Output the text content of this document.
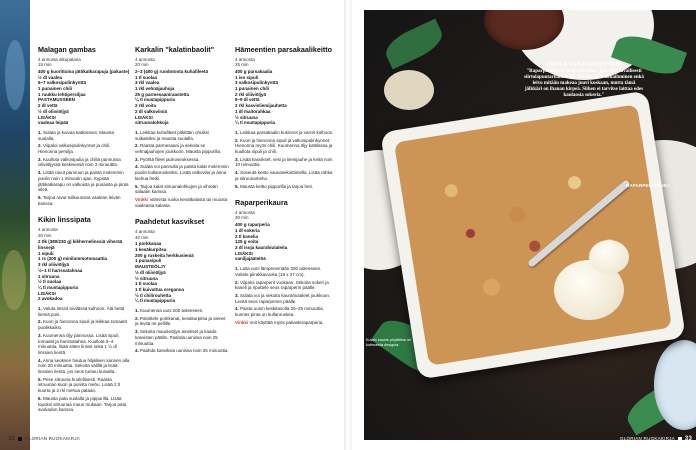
Malagan gambas
4 annosta alkupalana
15 min
400 g kuorittuina jättikatkarapuja (pakaste)
½ dl vaalea
6–7 valkosipulinkynttä
1 punainen chili
1 ruukku lehtipersiljaa
PASTAMUSSEEN
2 dl vettä
½ dl oliiviöljyä
LISÄKSI
vaaleaa leipää
1. Sulata ja kuivaa katkaravut. Mausta suolalla.
2. Viipaloi valkosipulinkynnet ja chili. Hienonna persilja.
3. Kuullota valkosipulia ja chiliä pannussa oliiviöljyssä keskisessä noin 3 minuuttia.
4. Lisää ravut pannuun ja paista molemmin puolin noin 1 minuutin ajan. Kypsää jättikatkarapu on valkoista ja punaista ja pinta sileä.
5. Tarjoa ravut tulikuumina vaalean leivän kanssa.
Kikin linssipata
4 annosta
30 min
2 tlk (380/230 g) kikhernelinssiä viherää linssejä
1 sipuli
1 rs (200 g) minilummotomaattia
3 rkl oliiviöljyä
½–1 tl harissatahnaa
1 sitruuna
½ tl suolaa
¼ tl mustapippuria
LISÄKSI
2 avokadoa
1. Valuta linssit siivilässä kulhoon. Älä heitä liemiä pois.
2. Kuori ja hienonna sipuli ja leikkaa tomaatit puolikkaiksi.
3. Kuumenna öljy pannussa. Lisää sipuli, tomaatit ja harissatahna. Kuullota 3–4 minuuttia, lisää sitten linssit sekä 1 ½ dl linssien lientä.
4. Anna seoksen hautua hiljalleen kannen alla noin 20 minuuttia. Sekoita välillä ja lisää linssien lientä, jos seos tuntuu kuivalta.
5. Pese sitruuna huolellisesti. Raasta sitruunan kuori ja purista mehu. Lisää 2 tl kuorta ja 2 rkl mehua pataan.
6. Mausta pata suolalla ja pippurilla. Lisää lopuksi sitruunaa maun mukaan. Tarjoa pata avokadon kanssa.
Karkalin "kalatinbaolit"
4 annosta
20 min
2–3 (400 g) ruodotonta kuhafileetä
1 tl suolaa
3 rkl vaalea
1 rkl vehnäjauhoja
25 g parmesaaniraastetta
¼ tl mustapippuria
2 rkl voita
2 dl valkoviiniä
LISÄKSI
sitruunalohkoja
1. Leikkaa kuhafileet pitkittäin ohuiksi suikaleiksi ja mausta suolalla.
2. Raasta parmesaani ja sekoita se vehnäjauhojen joukkoon. Mausta pippurilla.
3. Pyöritä fileet jauhoseoksessa.
4. Sulata voi pannulla ja paista kalat molemmin puolin kullanruskeiksi. Lisää valkoviini ja anna kiehua hetki.
5. Tarjoa kalat sitruunalohkojen ja vihreän salaatin kanssa.
Vinkki Valmista ruoka kevätkalasta tai muusta vaaleasta kalasta.
Paahdetut kasvikset
4 annosta
40 min
1 porkkanaa
1 kesäkurpitsa
200 g ruskeita herkkusieniä
1 punasipuli
MAUSTEÖLJY
½ dl oliiviöljyä
½ sitruuna
1 tl suolaa
1 tl kuivattua oreganoa
½ tl chilirouhetta
¼ tl mustapippuria
1. Kuumenna uuni 200 asteeseen.
2. Paloittele porkkanat, kesäkurpitsa ja sienet ja levitä ne pellille.
3. Sekoita mausteöljyn ainekset ja kaada kasvisten päälle. Paahda uunissa noin 25 minuuttia.
4. Paahda kasviksia uunissa noin 25 minuuttia.
Hämeentien parsakaalikeitto
4 annosta
25 min
400 g parsakaalia
1 iso sipuli
3 valkosipulinkynttä
1 punainen chili
2 rkl oliiviöljyä
8–9 dl vettä
2 rkl kasvisliemijauhetta
1 dl maitorahkaa
½ sitruuna
¼ tl mustapippuria
1. Leikkaa parsakaalin kukinnot ja varret kulhoon.
2. Kuori ja hienonna sipuli ja valkosipulinkynnet. Hienonna myös chili. Kuumenna öljy kattilassa ja kuullota sipuli ja chili.
3. Lisää kasvikset, vesi ja liemijauhe ja keitä noin 10 minuuttia.
4. Soseuta keitto sauvasekoittimella. Lisää rahka ja sitruunamehu.
5. Mausta keitto pippurilla ja tarjoa heti.
Raparperikaura
4 annosta
30 min
400 g raparperia
1 dl sokeria
2 tl kanelia
125 g voita
3 dl isoja kaurahiutaleita
LISÄKSI
vaniljajäätelöä
1. Laita uuni lämpenemään 200 asteeseen. Voitele piirakkavuoka (18 x 27 cm).
2. Viipaloi raparperit vuokaan. Sekoita sokeri ja kaneli ja ripottele seos raparperin päälle.
3. Sulata voi ja sekoita kaurahiutaleet joukkoon. Levitä seos raparperien päälle.
4. Paista uunin keskitasolla 20–25 minuuttia, kunnes pinta on kullanruskea.
Vinkki Voit käyttää myös pakasteraparperia.
32 GLORIAN RUOKAKIRJA
KIRPEÄ KESÄTARJOTTAVA
"Raparperikaura on kesäherkku, jota teen tavallisesti siirtolapuutarhamökillä. En ole jälkiruokaihminen enkä leivo mitään makeaa juuri koskaan, mutta tämä jälkkäri on ihanan kirpeä. Siihen ei tarvitse laittaa edes kaulaosia sokeria."
RAPARPERIKAURA
Kuvan kaunis pöytäliina on kotimaista designia.
GLORIAN RUOKAKIRJA 33
